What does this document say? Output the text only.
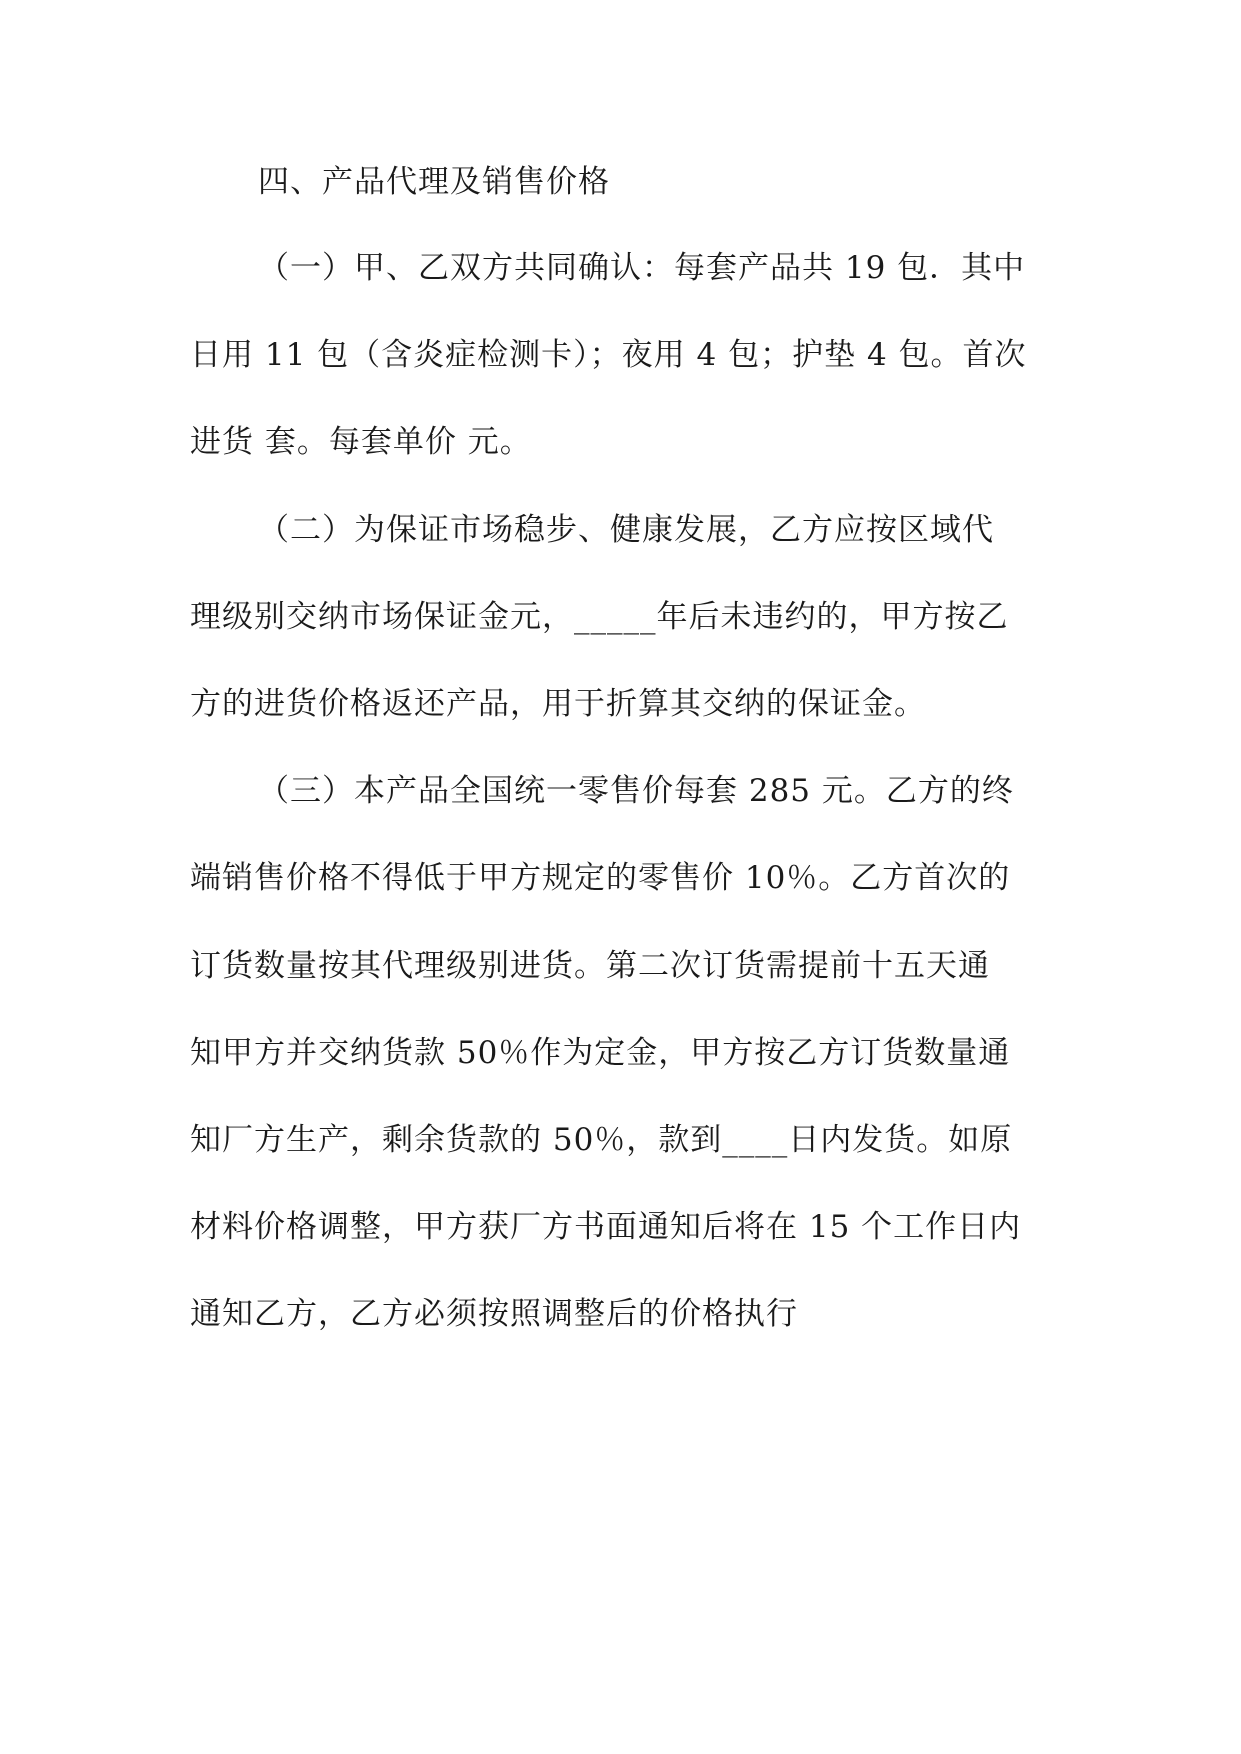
四、产品代理及销售价格
（一）甲、乙双方共同确认：每套产品共 19 包．其中
日用 11 包（含炎症检测卡）；夜用 4 包；护垫 4 包。首次
进货 套。每套单价 元。
（二）为保证市场稳步、健康发展，乙方应按区域代
理级别交纳市场保证金元，_____年后未违约的，甲方按乙
方的进货价格返还产品，用于折算其交纳的保证金。
（三）本产品全国统一零售价每套 285 元。乙方的终
端销售价格不得低于甲方规定的零售价 10％。乙方首次的
订货数量按其代理级别进货。第二次订货需提前十五天通
知甲方并交纳货款 50％作为定金，甲方按乙方订货数量通
知厂方生产，剩余货款的 50％，款到____日内发货。如原
材料价格调整，甲方获厂方书面通知后将在 15 个工作日内
通知乙方，乙方必须按照调整后的价格执行
